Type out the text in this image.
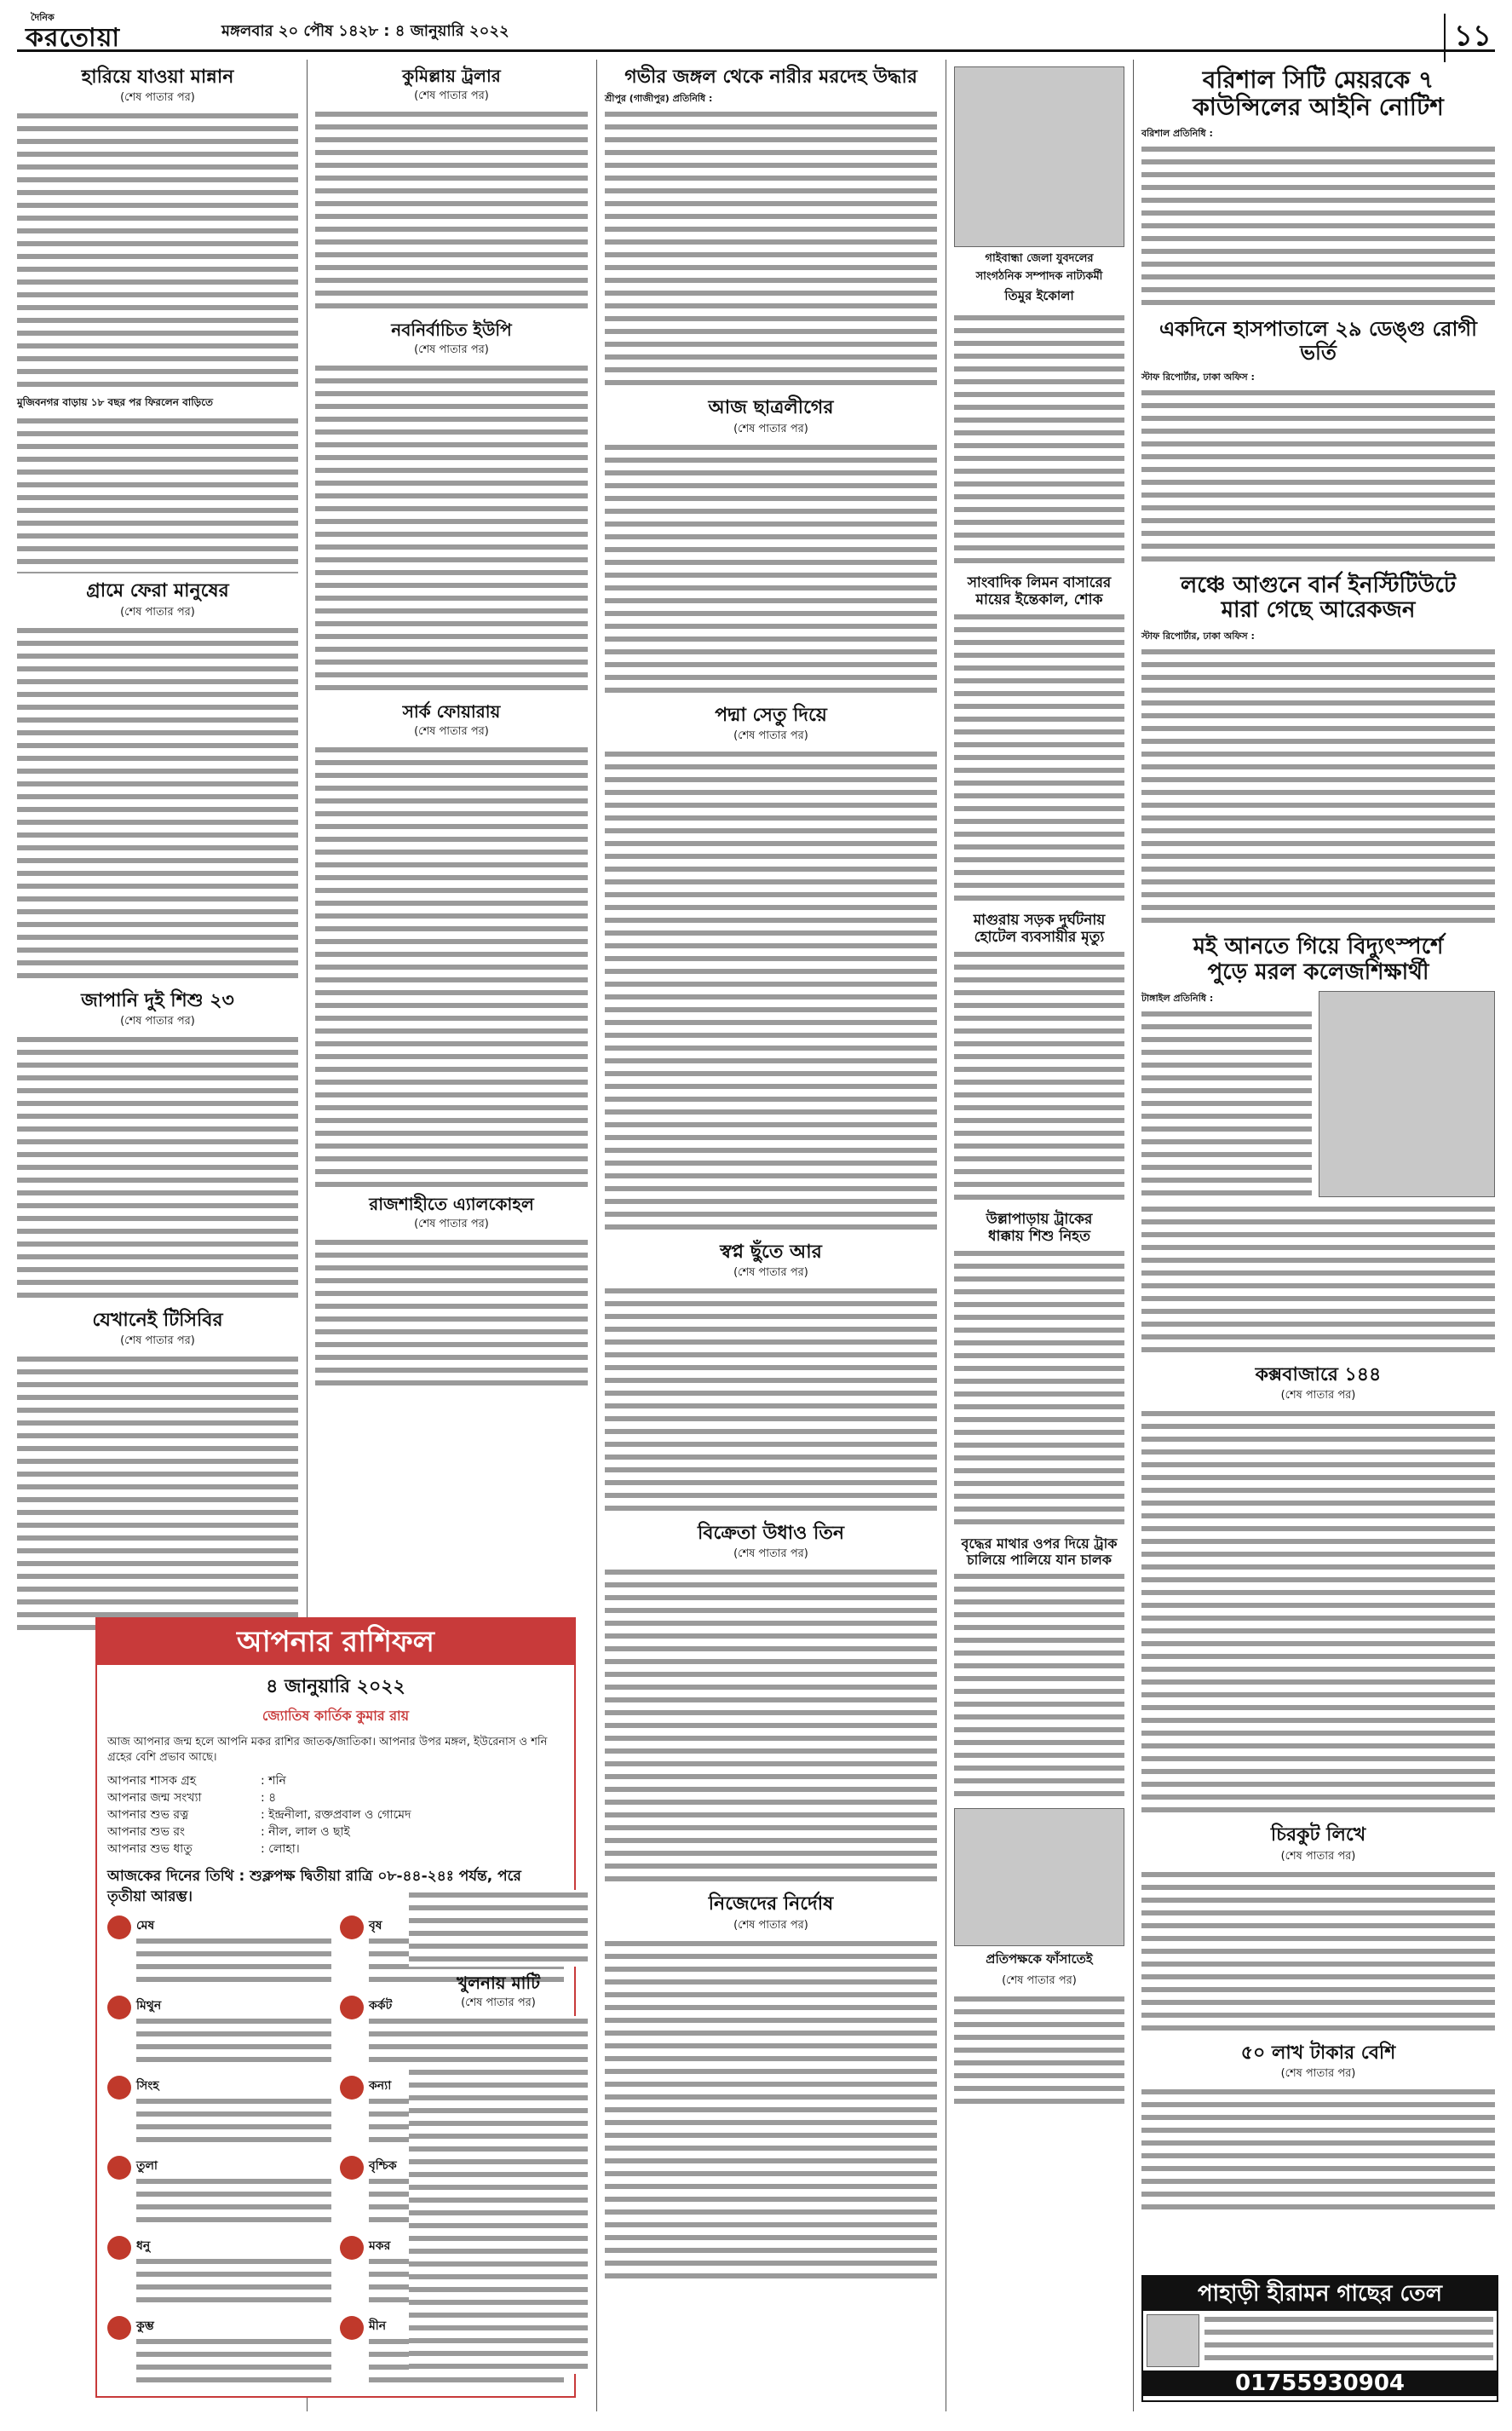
দৈনিক
করতোয়া	মঙ্গলবার ২০ পৌষ ১৪২৮ : ৪ জানুয়ারি ২০২২	১১
হারিয়ে যাওয়া মান্নান
(শেষ পাতার পর)
মুজিবনগর বাড়ায় ১৮ বছর পর ফিরলেন বাড়িতে
গ্রামে ফেরা মানুষের
(শেষ পাতার পর)
জাপানি দুই শিশু ২৩
(শেষ পাতার পর)
যেখানেই টিসিবির
(শেষ পাতার পর)
আপনার রাশিফল
৪ জানুয়ারি ২০২২
জ্যোতিষ কার্তিক কুমার রায়
আজ আপনার জন্ম হলে আপনি মকর রাশির জাতক/জাতিকা। আপনার উপর মঙ্গল, ইউরেনাস ও শনি গ্রহের বেশি প্রভাব আছে।
আপনার শাসক গ্রহ	: শনি
আপনার জন্ম সংখ্যা	: ৪
আপনার শুভ রত্ন	: ইন্দ্রনীলা, রক্তপ্রবাল ও গোমেদ
আপনার শুভ রং	: নীল, লাল ও ছাই
আপনার শুভ ধাতু	: লোহা।
আজকের দিনের তিথি : শুক্লপক্ষ দ্বিতীয়া রাত্রি ০৮-৪৪-২৪ঃ পর্যন্ত, পরে তৃতীয়া আরম্ভ।
মেষ	বৃষ
মিথুন	কর্কট
সিংহ	কন্যা
তুলা	বৃশ্চিক
ধনু	মকর
কুম্ভ	মীন
কুমিল্লায় ট্রলার
(শেষ পাতার পর)
নবনির্বাচিত ইউপি
(শেষ পাতার পর)
সার্ক ফোয়ারায়
(শেষ পাতার পর)
রাজশাহীতে এ্যালকোহল
(শেষ পাতার পর)
খুলনায় মাটি
(শেষ পাতার পর)
গভীর জঙ্গল থেকে নারীর মরদেহ উদ্ধার
শ্রীপুর (গাজীপুর) প্রতিনিধি :
আজ ছাত্রলীগের
(শেষ পাতার পর)
পদ্মা সেতু দিয়ে
(শেষ পাতার পর)
স্বপ্ন ছুঁতে আর
(শেষ পাতার পর)
বিক্রেতা উধাও তিন
(শেষ পাতার পর)
নিজেদের নির্দোষ
(শেষ পাতার পর)
গাইবান্ধা জেলা যুবদলের
সাংগঠনিক সম্পাদক নাট্যকর্মী
তিমুর ইকোলা
সাংবাদিক লিমন বাসারের
মায়ের ইন্তেকাল, শোক
মাগুরায় সড়ক দুর্ঘটনায়
হোটেল ব্যবসায়ীর মৃত্যু
উল্লাপাড়ায় ট্রাকের
ধাক্কায় শিশু নিহত
বৃদ্ধের মাথার ওপর দিয়ে ট্রাক
চালিয়ে পালিয়ে যান চালক
প্রতিপক্ষকে ফাঁসাতেই
(শেষ পাতার পর)
বরিশাল সিটি মেয়রকে ৭
কাউন্সিলের আইনি নোটিশ
বরিশাল প্রতিনিধি :
একদিনে হাসপাতালে ২৯ ডেঙ্গু রোগী ভর্তি
স্টাফ রিপোর্টার, ঢাকা অফিস :
লঞ্চে আগুনে বার্ন ইনস্টিটিউটে
মারা গেছে আরেকজন
স্টাফ রিপোর্টার, ঢাকা অফিস :
মই আনতে গিয়ে বিদ্যুৎস্পর্শে
পুড়ে মরল কলেজশিক্ষার্থী
টাঙ্গাইল প্রতিনিধি :
কক্সবাজারে ১৪৪
(শেষ পাতার পর)
চিরকুট লিখে
(শেষ পাতার পর)
৫০ লাখ টাকার বেশি
(শেষ পাতার পর)
পাহাড়ী হীরামন গাছের তেল
01755930904
